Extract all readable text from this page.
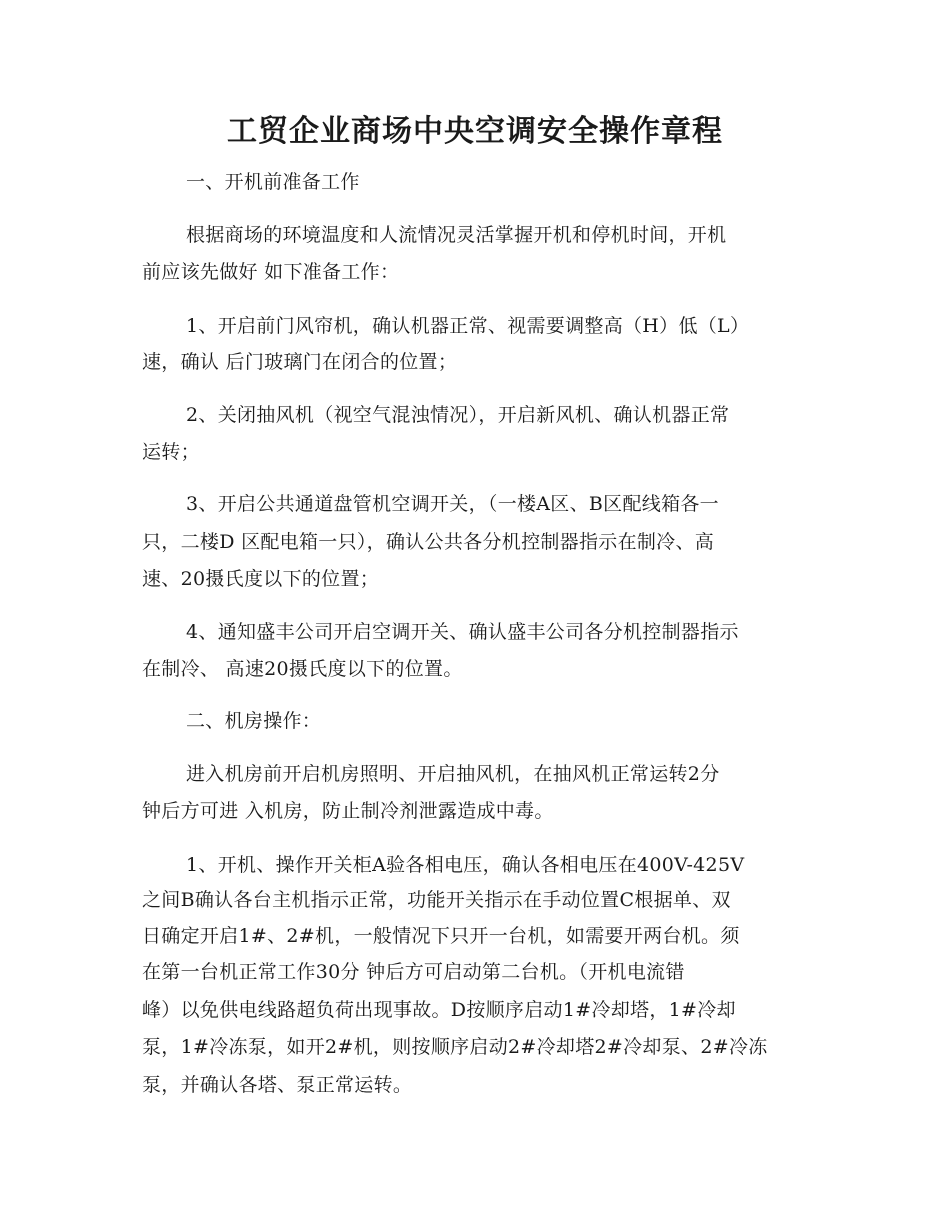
工贸企业商场中央空调安全操作章程
一、开机前准备工作
根据商场的环境温度和人流情况灵活掌握开机和停机时间，开机
前应该先做好 如下准备工作：
1、开启前门风帘机，确认机器正常、视需要调整高（H）低（L）
速，确认 后门玻璃门在闭合的位置；
2、关闭抽风机（视空气混浊情况），开启新风机、确认机器正常
运转；
3、开启公共通道盘管机空调开关，（一楼A区、B区配线箱各一
只，二楼D 区配电箱一只），确认公共各分机控制器指示在制冷、高
速、20摄氏度以下的位置；
4、通知盛丰公司开启空调开关、确认盛丰公司各分机控制器指示
在制冷、 高速20摄氏度以下的位置。
二、机房操作：
进入机房前开启机房照明、开启抽风机，在抽风机正常运转2分
钟后方可进 入机房，防止制冷剂泄露造成中毒。
1、开机、操作开关柜A验各相电压，确认各相电压在400V-425V
之间B确认各台主机指示正常，功能开关指示在手动位置C根据单、双
日确定开启1#、2#机，一般情况下只开一台机，如需要开两台机。须
在第一台机正常工作30分 钟后方可启动第二台机。（开机电流错
峰）以免供电线路超负荷出现事故。D按顺序启动1#冷却塔，1#冷却
泵，1#冷冻泵，如开2#机，则按顺序启动2#冷却塔2#冷却泵、2#冷冻
泵，并确认各塔、泵正常运转。
